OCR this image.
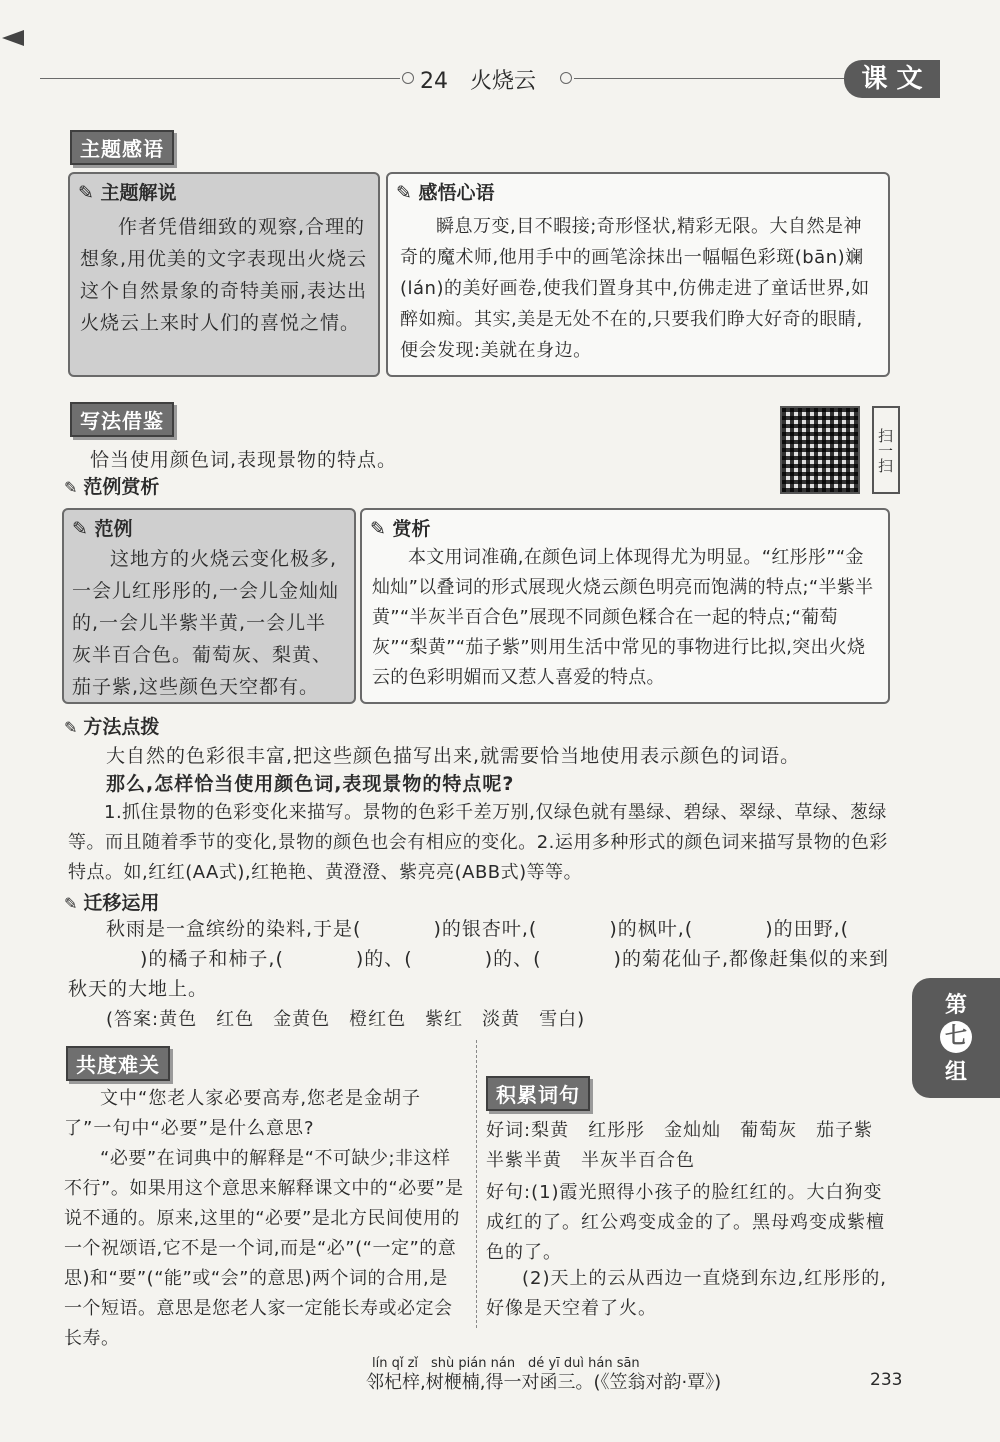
24　火烧云	课 文
主题感语
✎ 主题解说

作者凭借细致的观察,合理的想象,用优美的文字表现出火烧云这个自然景象的奇特美丽,表达出火烧云上来时人们的喜悦之情。

✎ 感悟心语

瞬息万变,目不暇接;奇形怪状,精彩无限。大自然是神奇的魔术师,他用手中的画笔涂抹出一幅幅色彩斑(bān)斓(lán)的美好画卷,使我们置身其中,仿佛走进了童话世界,如醉如痴。其实,美是无处不在的,只要我们睁大好奇的眼睛,便会发现:美就在身边。

写法借鉴
扫一扫
恰当使用颜色词,表现景物的特点。
✎ 范例赏析
✎ 范例

这地方的火烧云变化极多,一会儿红彤彤的,一会儿金灿灿的,一会儿半紫半黄,一会儿半灰半百合色。葡萄灰、梨黄、茄子紫,这些颜色天空都有。

✎ 赏析

本文用词准确,在颜色词上体现得尤为明显。“红彤彤”“金灿灿”以叠词的形式展现火烧云颜色明亮而饱满的特点;“半紫半黄”“半灰半百合色”展现不同颜色糅合在一起的特点;“葡萄灰”“梨黄”“茄子紫”则用生活中常见的事物进行比拟,突出火烧云的色彩明媚而又惹人喜爱的特点。

✎ 方法点拨
大自然的色彩很丰富,把这些颜色描写出来,就需要恰当地使用表示颜色的词语。
那么,怎样恰当使用颜色词,表现景物的特点呢?

1.抓住景物的色彩变化来描写。景物的色彩千差万别,仅绿色就有墨绿、碧绿、翠绿、草绿、葱绿等。而且随着季节的变化,景物的颜色也会有相应的变化。2.运用多种形式的颜色词来描写景物的色彩特点。如,红红(AA式),红艳艳、黄澄澄、紫亮亮(ABB式)等等。

✎ 迁移运用

秋雨是一盒缤纷的染料,于是(	)的银杏叶,(	)的枫叶,(	)的田野,()的橘子和柿子,(	)的、(	)的、(	)的菊花仙子,都像赶集似的来到秋天的大地上。

(答案:黄色　红色　金黄色　橙红色　紫红　淡黄　雪白)
第
七
组
共度难关

文中“您老人家必要高寿,您老是金胡子了”一句中“必要”是什么意思?

“必要”在词典中的解释是“不可缺少;非这样不行”。如果用这个意思来解释课文中的“必要”是说不通的。原来,这里的“必要”是北方民间使用的一个祝颂语,它不是一个词,而是“必”(“一定”的意思)和“要”(“能”或“会”的意思)两个词的合用,是一个短语。意思是您老人家一定能长寿或必定会长寿。

积累词句
好词:梨黄　红彤彤　金灿灿　葡萄灰　茄子紫　半紫半黄　半灰半百合色
好句:(1)霞光照得小孩子的脸红红的。大白狗变成红的了。红公鸡变成金的了。黑母鸡变成紫檀色的了。

(2)天上的云从西边一直烧到东边,红彤彤的,好像是天空着了火。

lín qǐ zǐ　shù pián nán　dé yī duì hán sān
邻杞梓,树楩楠,得一对函三。(《笠翁对韵·覃》)	233
